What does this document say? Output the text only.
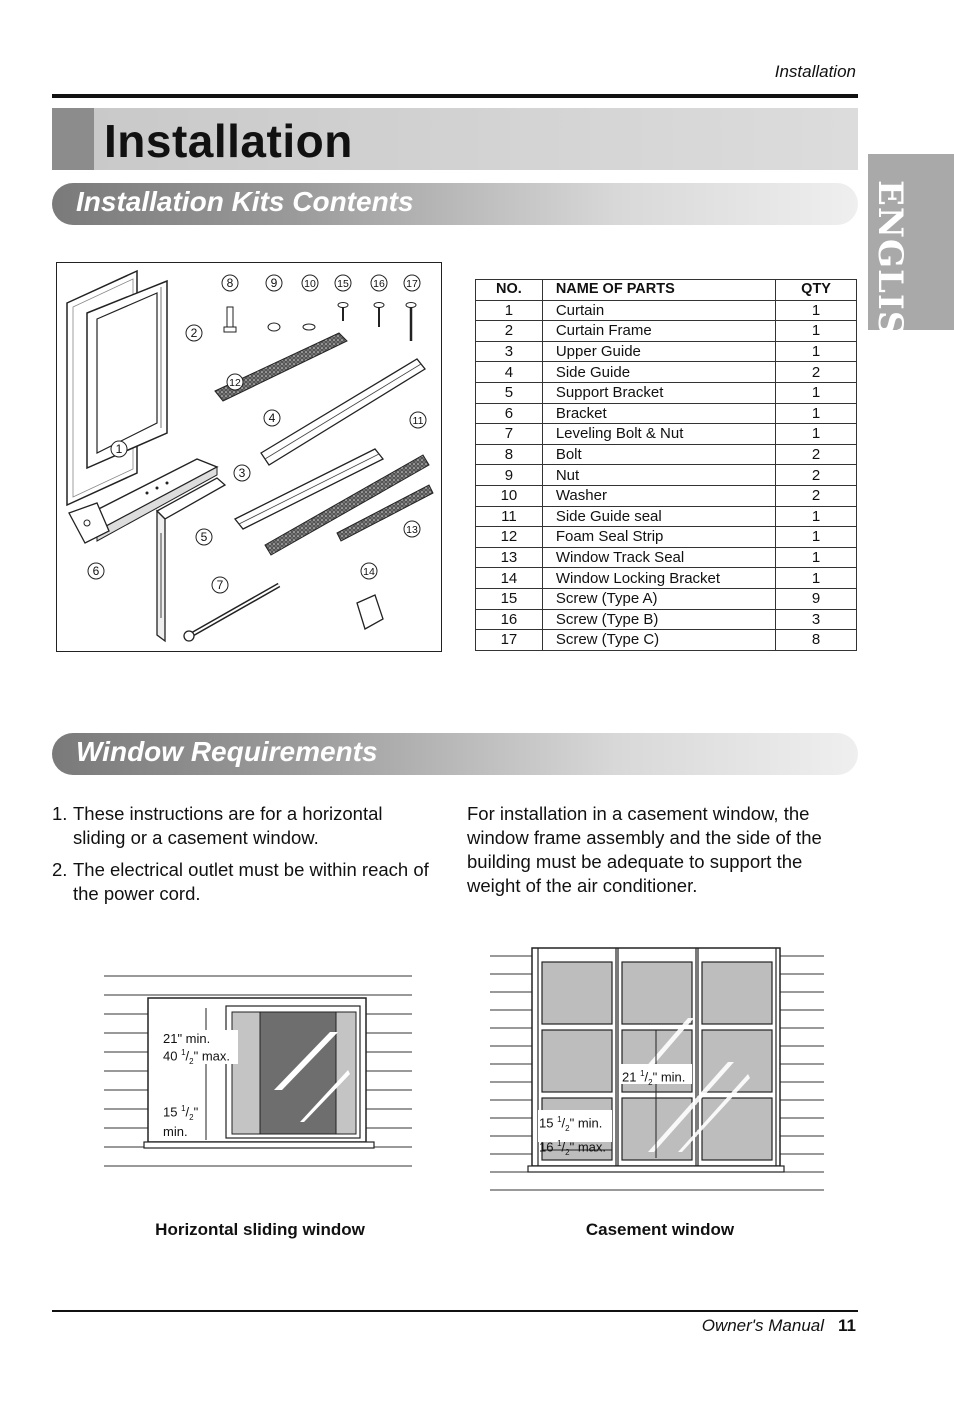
Installation
Installation
ENGLISH
Installation Kits Contents
1
2
3
4
5
6
7
8	9	10
11
12
13
14
15 16 17	NO.	NAME OF PARTS	QTY
1	Curtain	1
2	Curtain Frame	1
3	Upper Guide	1
4	Side Guide	2
5	Support Bracket	1
6	Bracket	1
7	Leveling Bolt & Nut	1
8	Bolt	2
9	Nut	2
10	Washer	2
11	Side Guide seal	1
12	Foam Seal Strip	1
13	Window Track Seal	1
14	Window Locking Bracket	1
15	Screw (Type A)	9
16	Screw (Type B)	3
17	Screw (Type C)	8
Window Requirements
1. These instructions are for a horizontal sliding or a casement window.
2. The electrical outlet must be within reach of the power cord.
For installation in a casement window, the window frame assembly and the side of the building must be adequate to support the weight of the air conditioner.
21" min.
40 $^1/_2$" max.
15 $^1/_2$"
min.
Horizontal sliding window
21 $^1/_2$" min.
15 $^1/_2$" min.
16 $^1/_2$" max.
Casement window
Owner's Manual 11
